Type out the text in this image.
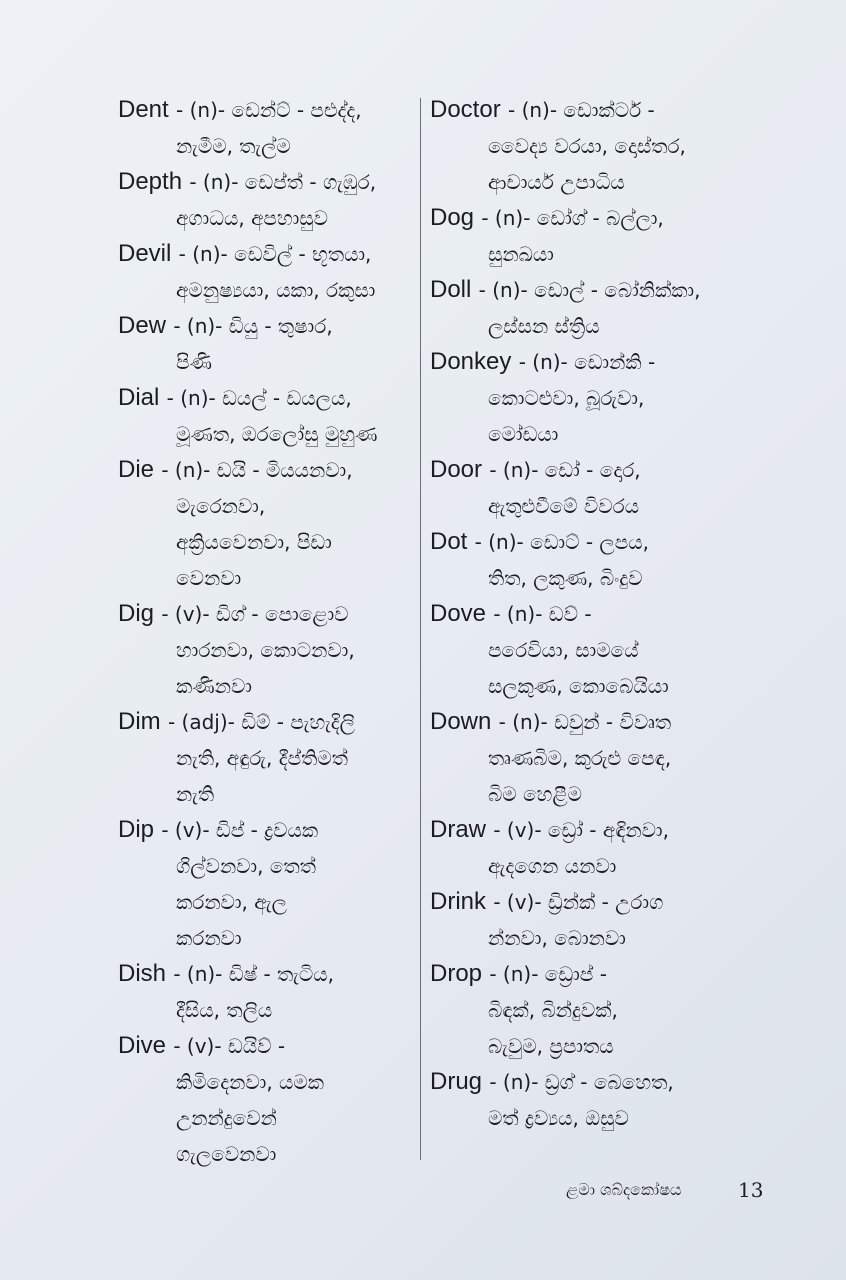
Dent - (n)- ඩෙන්ට් - පළුද්ද,
නැමීම, තැල්ම
Depth - (n)- ඩෙප්ත් - ගැඹුර,
අගාධය, අපහාසුව
Devil - (n)- ඩෙවිල් - භූතයා,
අමනුෂ්‍යයා, යකා, රකුසා
Dew - (n)- ඩියු - තුෂාර,
පිණි
Dial - (n)- ඩයල් - ඩයලය,
මූණත, ඔරලෝසු මුහුණ
Die - (n)- ඩයි - මියයනවා,
මැරෙනවා,
අක්‍රියවෙනවා, පිඩා
වෙනවා
Dig - (v)- ඩිග් - පොළොව
හාරනවා, කොටනවා,
කණිනවා
Dim - (adj)- ඩිම් - පැහැදිලි
නැති, අඳුරු, දීප්තිමත්
නැති
Dip - (v)- ඩිප් - ද්‍රවයක
ගිල්වනවා, තෙත්
කරනවා, ඇල
කරනවා
Dish - (n)- ඩිෂ් - තැටිය,
දීසිය, තලිය
Dive - (v)- ඩයිව් -
කිමිදෙනවා, යමක
උනන්දුවෙන්
ගැලවෙනවා
Doctor - (n)- ඩොක්ටර් -
වෛද්‍ය වරයා, දොස්තර,
ආචාර්ය උපාධිය
Dog - (n)- ඩෝග් - බල්ලා,
සුනඛයා
Doll - (n)- ඩොල් - බෝනික්කා,
ලස්සන ස්ත්‍රිය
Donkey - (n)- ඩොන්කි -
කොටළුවා, බූරුවා,
මෝඩයා
Door - (n)- ඩෝ - දොර,
ඇතුළුවීමේ විවරය
Dot - (n)- ඩොට් - ලපය,
තිත, ලකුණ, බිංදුව
Dove - (n)- ඩව් -
පරෙවියා, සාමයේ
සලකුණ, කොබෙයියා
Down - (n)- ඩවුන් - විවෘත
තෘණබිම, කුරුළු පෙඳ,
බිම හෙළීම
Draw - (v)- ඩ්‍රෝ - අඳිනවා,
ඇදගෙන යනවා
Drink - (v)- ඩ්‍රින්ක් - උරාග
න්නවා, බොනවා
Drop - (n)- ඩ්‍රොප් -
බිඳක්, බින්දුවක්,
බැවුම, ප්‍රපාතය
Drug - (n)- ඩ්‍රග් - බෙහෙත,
මත් ද්‍රව්‍යය, ඔසුව
ළමා ශබ්දකෝෂය	13
